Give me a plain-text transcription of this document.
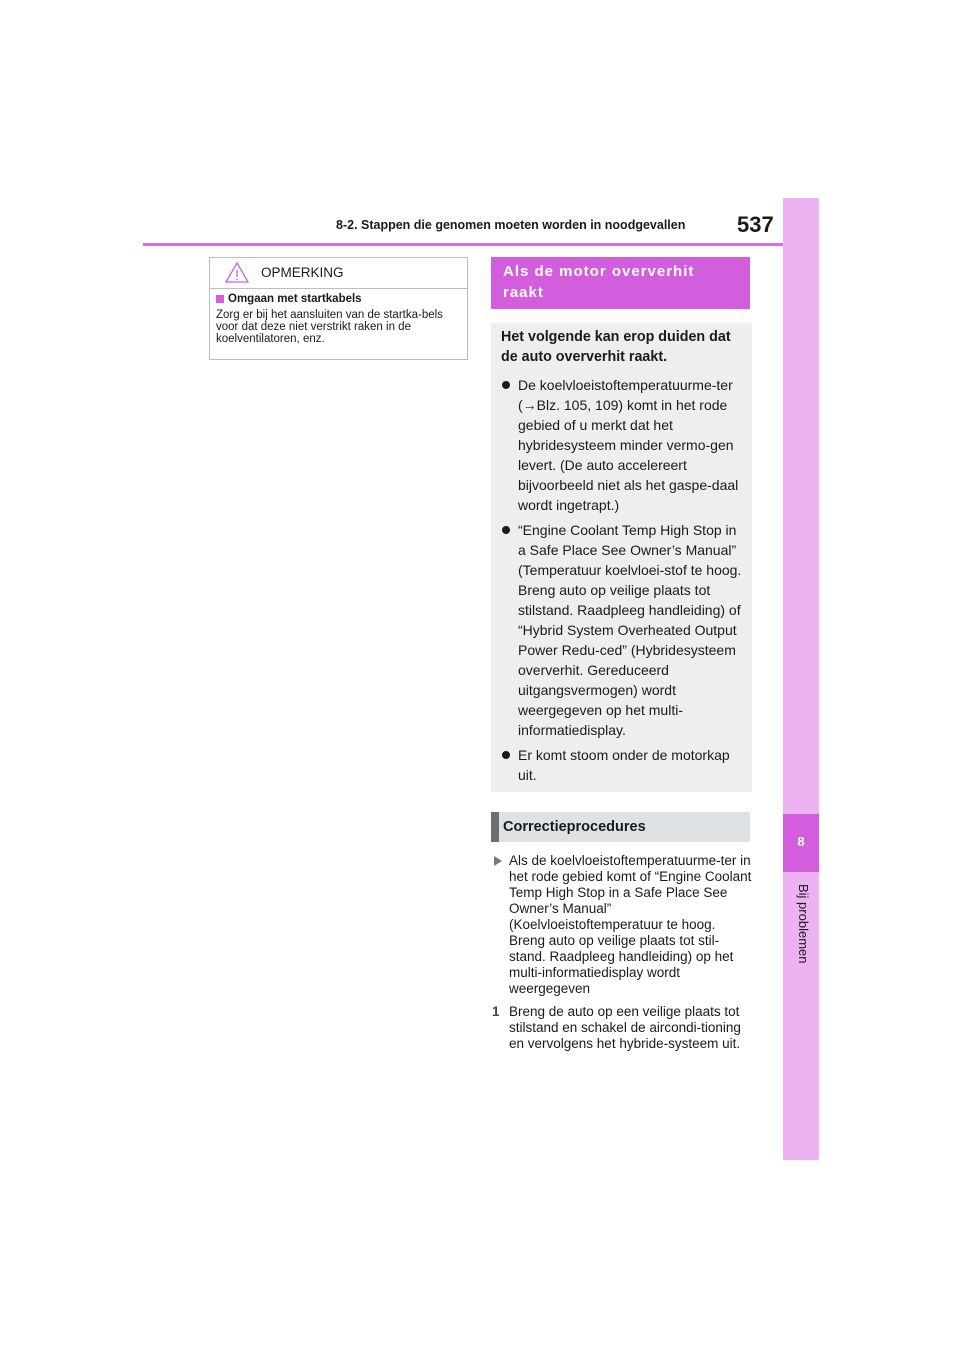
8-2. Stappen die genomen moeten worden in noodgevallen 537
8
Bij problemen
OPMERKING
Omgaan met startkabels
Zorg er bij het aansluiten van de startka-bels voor dat deze niet verstrikt raken in de koelventilatoren, enz.
Als de motor oververhit raakt

Het volgende kan erop duiden dat de auto oververhit raakt.

De koelvloeistoftemperatuurme-ter (→Blz. 105, 109) komt in het rode gebied of u merkt dat het hybridesysteem minder vermo-gen levert. (De auto accelereert bijvoorbeeld niet als het gaspe-daal wordt ingetrapt.)
“Engine Coolant Temp High Stop in a Safe Place See Owner’s Manual” (Temperatuur koelvloei-stof te hoog. Breng auto op veilige plaats tot stilstand. Raadpleeg handleiding) of “Hybrid System Overheated Output Power Redu-ced” (Hybridesysteem oververhit. Gereduceerd uitgangsvermogen) wordt weergegeven op het multi-informatiedisplay.
Er komt stoom onder de motorkap uit.
Correctieprocedures
Als de koelvloeistoftemperatuurme-ter in het rode gebied komt of “Engine Coolant Temp High Stop in a Safe Place See Owner’s Manual” (Koelvloeistoftemperatuur te hoog. Breng auto op veilige plaats tot stil-stand. Raadpleeg handleiding) op het multi-informatiedisplay wordt weergegeven
1 Breng de auto op een veilige plaats tot stilstand en schakel de aircondi-tioning en vervolgens het hybride-systeem uit.
